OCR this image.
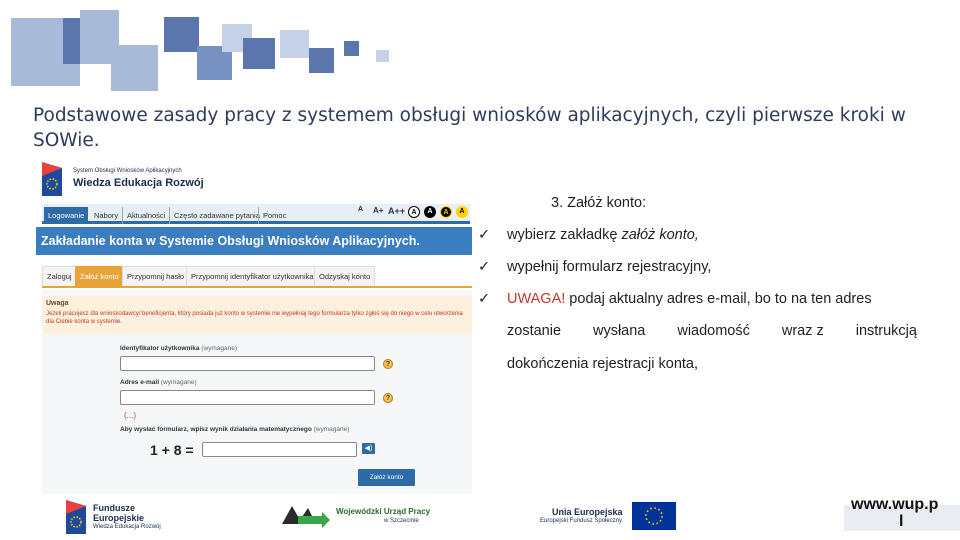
Podstawowe zasady pracy z systemem obsługi wniosków aplikacyjnych, czyli pierwsze kroki w SOWie.
System Obsługi Wniosków Aplikacyjnych
Wiedza Edukacja Rozwój
Logowanie	Nabory	Aktualności	Często zadawane pytania Pomoc
A A+ A++ A	A	A	A
Zakładanie konta w Systemie Obsługi Wniosków Aplikacyjnych.
Zaloguj	Załóż konto	Przypomnij hasło Przypomnij identyfikator użytkownika Odzyskaj konto
Uwaga
Jeżeli pracujesz dla wnioskodawcy/ beneficjenta, który posiada już konto w systemie nie wypełniaj tego formularza tylko zgłoś się do niego w celu utworzenia dla Ciebie konta w systemie.
Identyfikator użytkownika (wymagane)
?
Adres e-mail (wymagane)
?
(...)
Aby wysłać formularz, wpisz wynik działania matematycznego (wymagane)
1 + 8 =	◀)
Załóż konto
3. Załóż konto:
✓ wybierz zakładkę załóż konto,
✓ wypełnij formularz rejestracyjny,
✓ UWAGA! podaj aktualny adres e-mail, bo to na ten adres
zostanie wysłana wiadomość wraz z instrukcją
dokończenia rejestracji konta,
Fundusze
Europejskie
Wiedza Edukacja Rozwój
Wojewódzki Urząd Pracy
w Szczecinie
Unia Europejska
Europejski Fundusz Społeczny
www.wup.p
l
